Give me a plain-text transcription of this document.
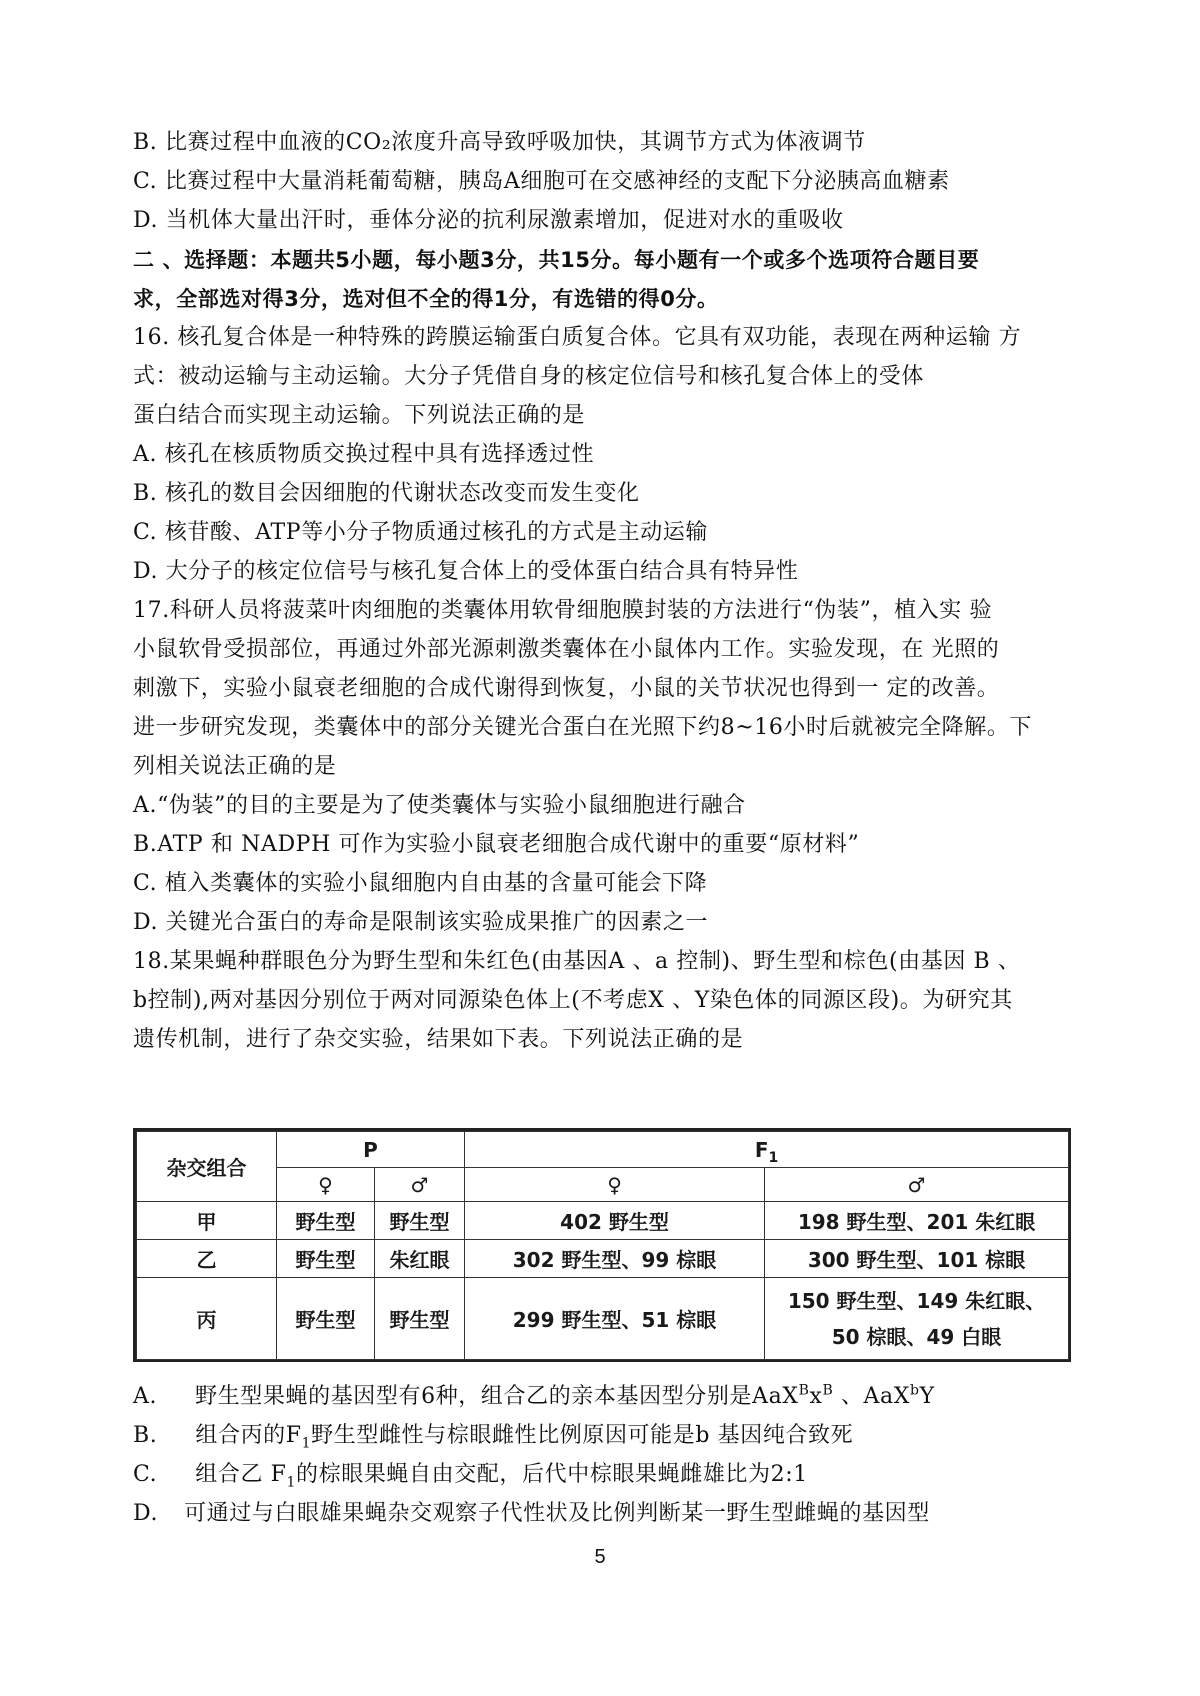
B. 比赛过程中血液的CO₂浓度升高导致呼吸加快，其调节方式为体液调节
C. 比赛过程中大量消耗葡萄糖，胰岛A细胞可在交感神经的支配下分泌胰高血糖素
D. 当机体大量出汗时，垂体分泌的抗利尿激素增加，促进对水的重吸收
二 、选择题：本题共5小题，每小题3分，共15分。每小题有一个或多个选项符合题目要
求，全部选对得3分，选对但不全的得1分，有选错的得0分。
16. 核孔复合体是一种特殊的跨膜运输蛋白质复合体。它具有双功能，表现在两种运输 方
式：被动运输与主动运输。大分子凭借自身的核定位信号和核孔复合体上的受体
蛋白结合而实现主动运输。下列说法正确的是
A. 核孔在核质物质交换过程中具有选择透过性
B. 核孔的数目会因细胞的代谢状态改变而发生变化
C. 核苷酸、ATP等小分子物质通过核孔的方式是主动运输
D. 大分子的核定位信号与核孔复合体上的受体蛋白结合具有特异性
17.科研人员将菠菜叶肉细胞的类囊体用软骨细胞膜封装的方法进行“伪装”，植入实 验
小鼠软骨受损部位，再通过外部光源刺激类囊体在小鼠体内工作。实验发现，在 光照的
刺激下，实验小鼠衰老细胞的合成代谢得到恢复，小鼠的关节状况也得到一 定的改善。
进一步研究发现，类囊体中的部分关键光合蛋白在光照下约8~16小时后就被完全降解。下
列相关说法正确的是
A.“伪装”的目的主要是为了使类囊体与实验小鼠细胞进行融合
B.ATP 和 NADPH 可作为实验小鼠衰老细胞合成代谢中的重要“原材料”
C. 植入类囊体的实验小鼠细胞内自由基的含量可能会下降
D. 关键光合蛋白的寿命是限制该实验成果推广的因素之一
18.某果蝇种群眼色分为野生型和朱红色(由基因A 、a 控制)、野生型和棕色(由基因 B 、
b控制),两对基因分别位于两对同源染色体上(不考虑X 、Y染色体的同源区段)。为研究其
遗传机制，进行了杂交实验，结果如下表。下列说法正确的是
杂交组合	P		$F_1$
	♀	♂	♀	♂
甲	野生型	野生型	402 野生型	198 野生型、201 朱红眼
乙	野生型	朱红眼	302 野生型、99 棕眼	300 野生型、101 棕眼
丙	野生型	野生型	299 野生型、51 棕眼	150 野生型、149 朱红眼、
50 棕眼、49 白眼
A. 野生型果蝇的基因型有6种，组合乙的亲本基因型分别是$AaX^Bx^B$ 、AaX$^b$Y
B. 组合丙的$F_1$野生型雌性与棕眼雌性比例原因可能是b 基因纯合致死
C. 组合乙 $F_1$的棕眼果蝇自由交配，后代中棕眼果蝇雌雄比为2:1
D. 可通过与白眼雄果蝇杂交观察子代性状及比例判断某一野生型雌蝇的基因型
5
